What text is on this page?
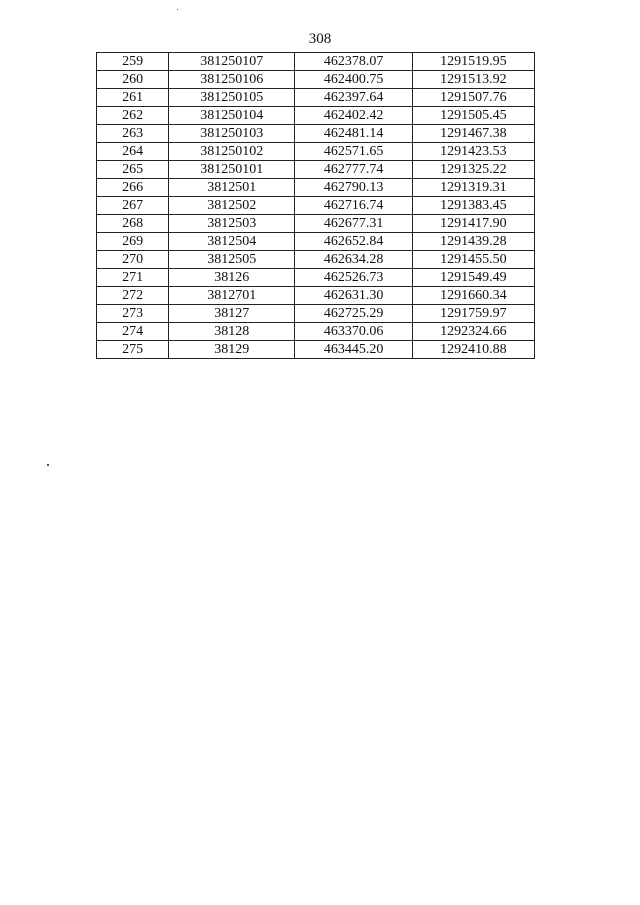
308
259	381250107	462378.07	1291519.95
260	381250106	462400.75	1291513.92
261	381250105	462397.64	1291507.76
262	381250104	462402.42	1291505.45
263	381250103	462481.14	1291467.38
264	381250102	462571.65	1291423.53
265	381250101	462777.74	1291325.22
266	3812501	462790.13	1291319.31
267	3812502	462716.74	1291383.45
268	3812503	462677.31	1291417.90
269	3812504	462652.84	1291439.28
270	3812505	462634.28	1291455.50
271	38126	462526.73	1291549.49
272	3812701	462631.30	1291660.34
273	38127	462725.29	1291759.97
274	38128	463370.06	1292324.66
275	38129	463445.20	1292410.88
